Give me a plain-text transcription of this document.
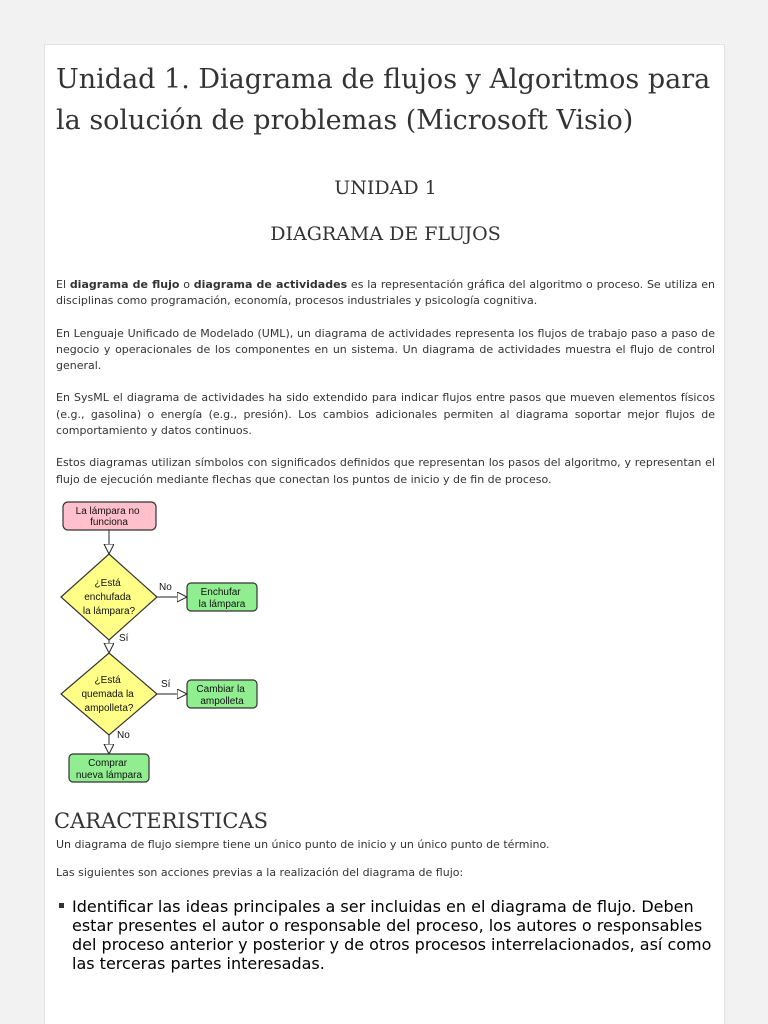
Unidad 1. Diagrama de flujos y Algoritmos para la solución de problemas (Microsoft Visio)
UNIDAD 1
DIAGRAMA DE FLUJOS

El diagrama de flujo o diagrama de actividades es la representación gráfica del algoritmo o proceso. Se utiliza en disciplinas como programación, economía, procesos industriales y psicología cognitiva.

En Lenguaje Unificado de Modelado (UML), un diagrama de actividades representa los flujos de trabajo paso a paso de negocio y operacionales de los componentes en un sistema. Un diagrama de actividades muestra el flujo de control general.

En SysML el diagrama de actividades ha sido extendido para indicar flujos entre pasos que mueven elementos físicos (e.g., gasolina) o energía (e.g., presión). Los cambios adicionales permiten al diagrama soportar mejor flujos de comportamiento y datos continuos.

Estos diagramas utilizan símbolos con significados definidos que representan los pasos del algoritmo, y representan el flujo de ejecución mediante flechas que conectan los puntos de inicio y de fin de proceso.

La lámpara no funciona
¿Está enchufada la lámpara?
No	Enchufar la lámpara
Sí
¿Está quemada la ampolleta?
Sí	Cambiar la ampolleta
No
Comprar nueva lámpara
CARACTERISTICAS

Un diagrama de flujo siempre tiene un único punto de inicio y un único punto de término.

Las siguientes son acciones previas a la realización del diagrama de flujo:

Identificar las ideas principales a ser incluidas en el diagrama de flujo. Deben estar presentes el autor o responsable del proceso, los autores o responsables del proceso anterior y posterior y de otros procesos interrelacionados, así como las terceras partes interesadas.
